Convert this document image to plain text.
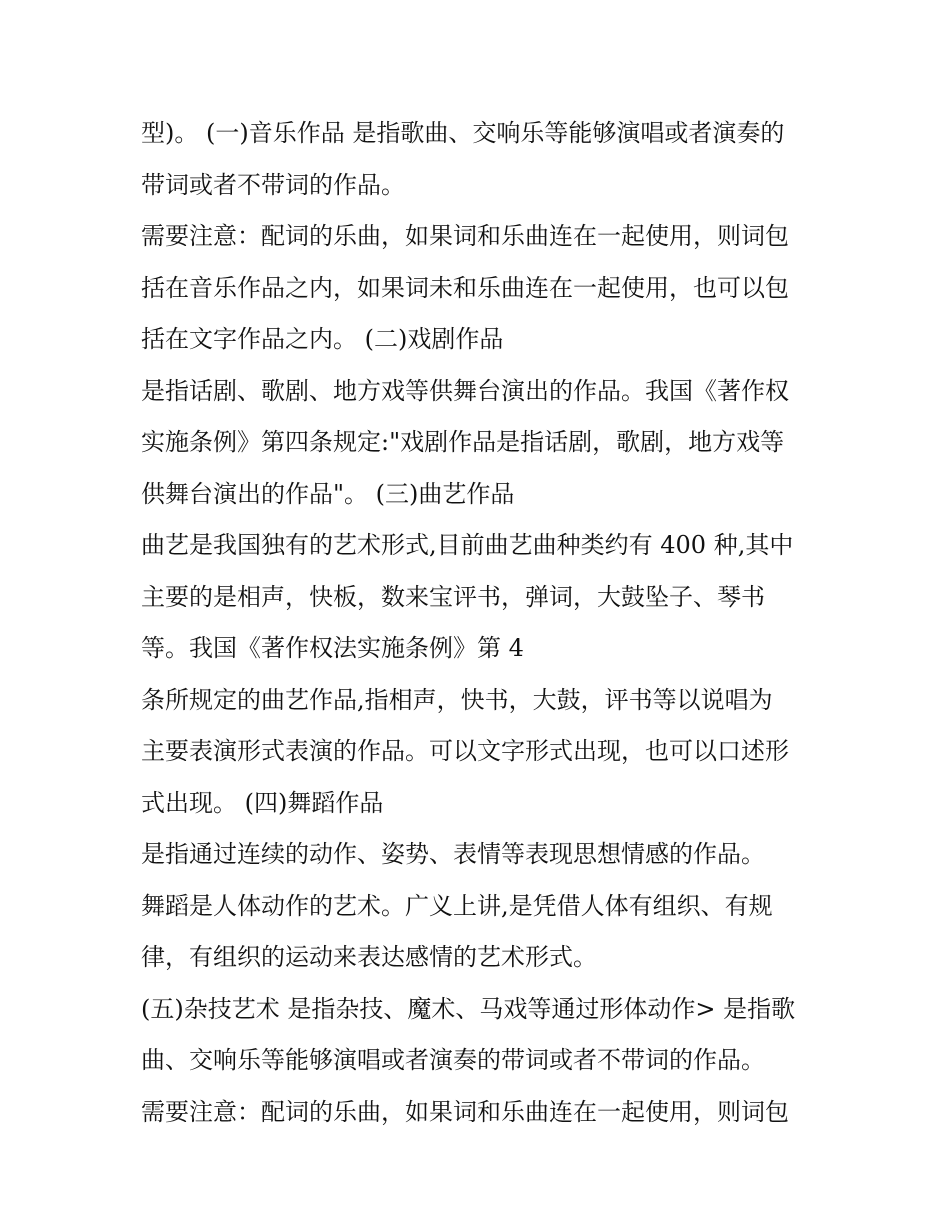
型)。 (一)音乐作品 是指歌曲、交响乐等能够演唱或者演奏的
带词或者不带词的作品。
需要注意：配词的乐曲，如果词和乐曲连在一起使用，则词包
括在音乐作品之内，如果词未和乐曲连在一起使用，也可以包
括在文字作品之内。 (二)戏剧作品
是指话剧、歌剧、地方戏等供舞台演出的作品。我国《著作权
实施条例》第四条规定:"戏剧作品是指话剧，歌剧，地方戏等
供舞台演出的作品"。 (三)曲艺作品
曲艺是我国独有的艺术形式,目前曲艺曲种类约有 400 种,其中
主要的是相声，快板，数来宝评书，弹词，大鼓坠子、琴书
等。我国《著作权法实施条例》第 4
条所规定的曲艺作品,指相声，快书，大鼓，评书等以说唱为
主要表演形式表演的作品。可以文字形式出现，也可以口述形
式出现。 (四)舞蹈作品
是指通过连续的动作、姿势、表情等表现思想情感的作品。
舞蹈是人体动作的艺术。广义上讲,是凭借人体有组织、有规
律，有组织的运动来表达感情的艺术形式。
(五)杂技艺术 是指杂技、魔术、马戏等通过形体动作> 是指歌
曲、交响乐等能够演唱或者演奏的带词或者不带词的作品。
需要注意：配词的乐曲，如果词和乐曲连在一起使用，则词包
